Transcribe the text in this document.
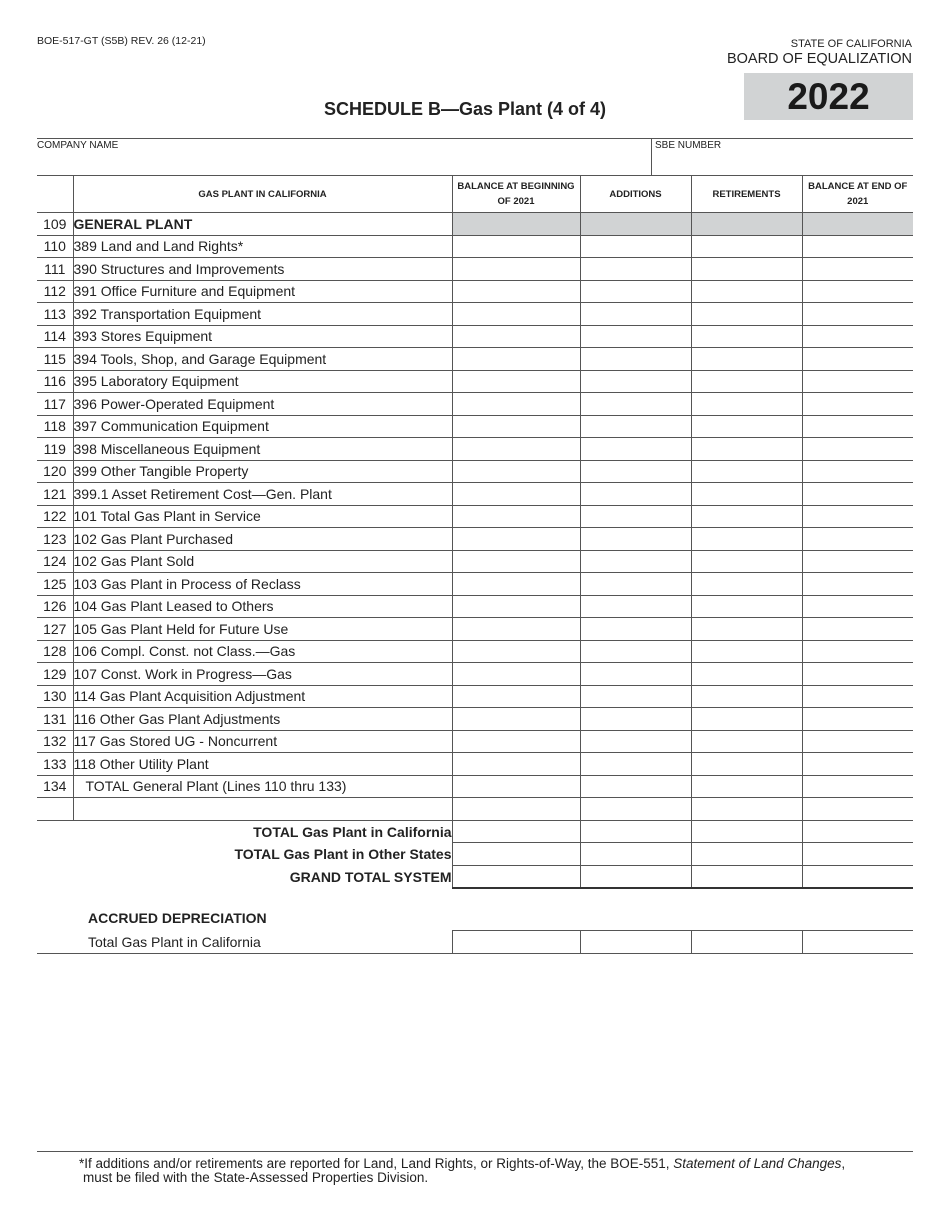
BOE-517-GT (S5B) REV. 26 (12-21)	STATE OF CALIFORNIA
BOARD OF EQUALIZATION
2022
SCHEDULE B—Gas Plant (4 of 4)
COMPANY NAME	SBE NUMBER
	GAS PLANT IN CALIFORNIA	BALANCE AT BEGINNING OF 2021	ADDITIONS	RETIREMENTS	BALANCE AT END OF 2021
109	GENERAL PLANT				
110	389 Land and Land Rights*				
111	390 Structures and Improvements				
112	391 Office Furniture and Equipment				
113	392 Transportation Equipment				
114	393 Stores Equipment				
115	394 Tools, Shop, and Garage Equipment				
116	395 Laboratory Equipment				
117	396 Power-Operated Equipment				
118	397 Communication Equipment				
119	398 Miscellaneous Equipment				
120	399 Other Tangible Property				
121	399.1 Asset Retirement Cost—Gen. Plant				
122	101 Total Gas Plant in Service				
123	102 Gas Plant Purchased				
124	102 Gas Plant Sold				
125	103 Gas Plant in Process of Reclass				
126	104 Gas Plant Leased to Others				
127	105 Gas Plant Held for Future Use				
128	106 Compl. Const. not Class.—Gas				
129	107 Const. Work in Progress—Gas				
130	114 Gas Plant Acquisition Adjustment				
131	116 Other Gas Plant Adjustments				
132	117 Gas Stored UG - Noncurrent				
133	118 Other Utility Plant				
134	TOTAL General Plant (Lines 110 thru 133)				

TOTAL Gas Plant in California					
TOTAL Gas Plant in Other States					
GRAND TOTAL SYSTEM					
ACCRUED DEPRECIATION
Total Gas Plant in California				
*If additions and/or retirements are reported for Land, Land Rights, or Rights-of-Way, the BOE-551, Statement of Land Changes,
must be filed with the State-Assessed Properties Division.
